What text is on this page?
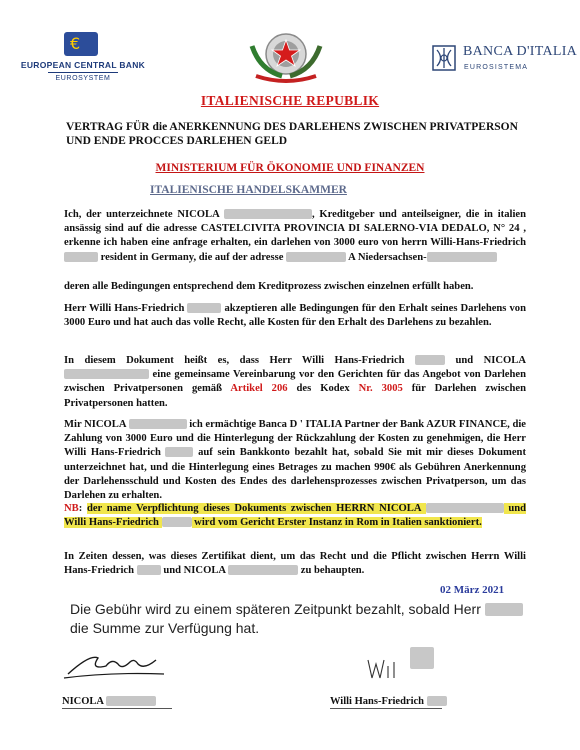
€
EUROPEAN CENTRAL BANK
EUROSYSTEM
BANCA D'ITALIA
EUROSISTEMA
ITALIENISCHE REPUBLIK
VERTRAG FÜR die ANERKENNUNG DES DARLEHENS ZWISCHEN PRIVATPERSON UND ENDE PROCCES DARLEHEN GELD
MINISTERIUM FÜR ÖKONOMIE UND FINANZEN
ITALIENISCHE HANDELSKAMMER
Ich, der unterzeichnete NICOLA	, Kreditgeber und anteilseigner, die in italien ansässig sind auf die adresse CASTELCIVITA PROVINCIA DI SALERNO-VIA DEDALO, N° 24 , erkenne ich haben eine anfrage erhalten, ein darlehen von 3000 euro von herrn Willi-Hans-Friedrich  resident in Germany, die auf der adresse	A Niedersachsen-
deren alle Bedingungen entsprechend dem Kreditprozess zwischen einzelnen erfüllt haben.
Herr Willi Hans-Friedrich	akzeptieren alle Bedingungen für den Erhalt seines Darlehens von 3000 Euro und hat auch das volle Recht, alle Kosten für den Erhalt des Darlehens zu bezahlen.
In diesem Dokument heißt es, dass Herr Willi Hans-Friedrich	und NICOLA  eine gemeinsame Vereinbarung vor den Gerichten für das Angebot von Darlehen zwischen Privatpersonen gemäß Artikel 206 des Kodex Nr. 3005 für Darlehen zwischen Privatpersonen hatten.
Mir NICOLA	ich ermächtige Banca D ' ITALIA Partner der Bank AZUR FINANCE, die Zahlung von 3000 Euro und die Hinterlegung der Rückzahlung der Kosten zu genehmigen, die Herr Willi Hans-Friedrich	auf sein Bankkonto bezahlt hat, sobald Sie mit mir dieses Dokument unterzeichnet hat, und die Hinterlegung eines Betrages zu machen 990€ als Gebühren Anerkennung der Darlehensschuld und Kosten des Endes des darlehensprozesses zwischen Privatperson, um das Darlehen zu erhalten.
NB: der name Verpflichtung dieses Dokuments zwischen HERRN NICOLA	und Willi Hans-Friedrich	wird vom Gericht Erster Instanz in Rom in Italien sanktioniert.
In Zeiten dessen, was dieses Zertifikat dient, um das Recht und die Pflicht zwischen Herrn Willi Hans-Friedrich  und NICOLA	zu behaupten.
02 März 2021
Die Gebühr wird zu einem späteren Zeitpunkt bezahlt, sobald Herr  die Summe zur Verfügung hat.
NICOLA	Willi Hans-Friedrich
